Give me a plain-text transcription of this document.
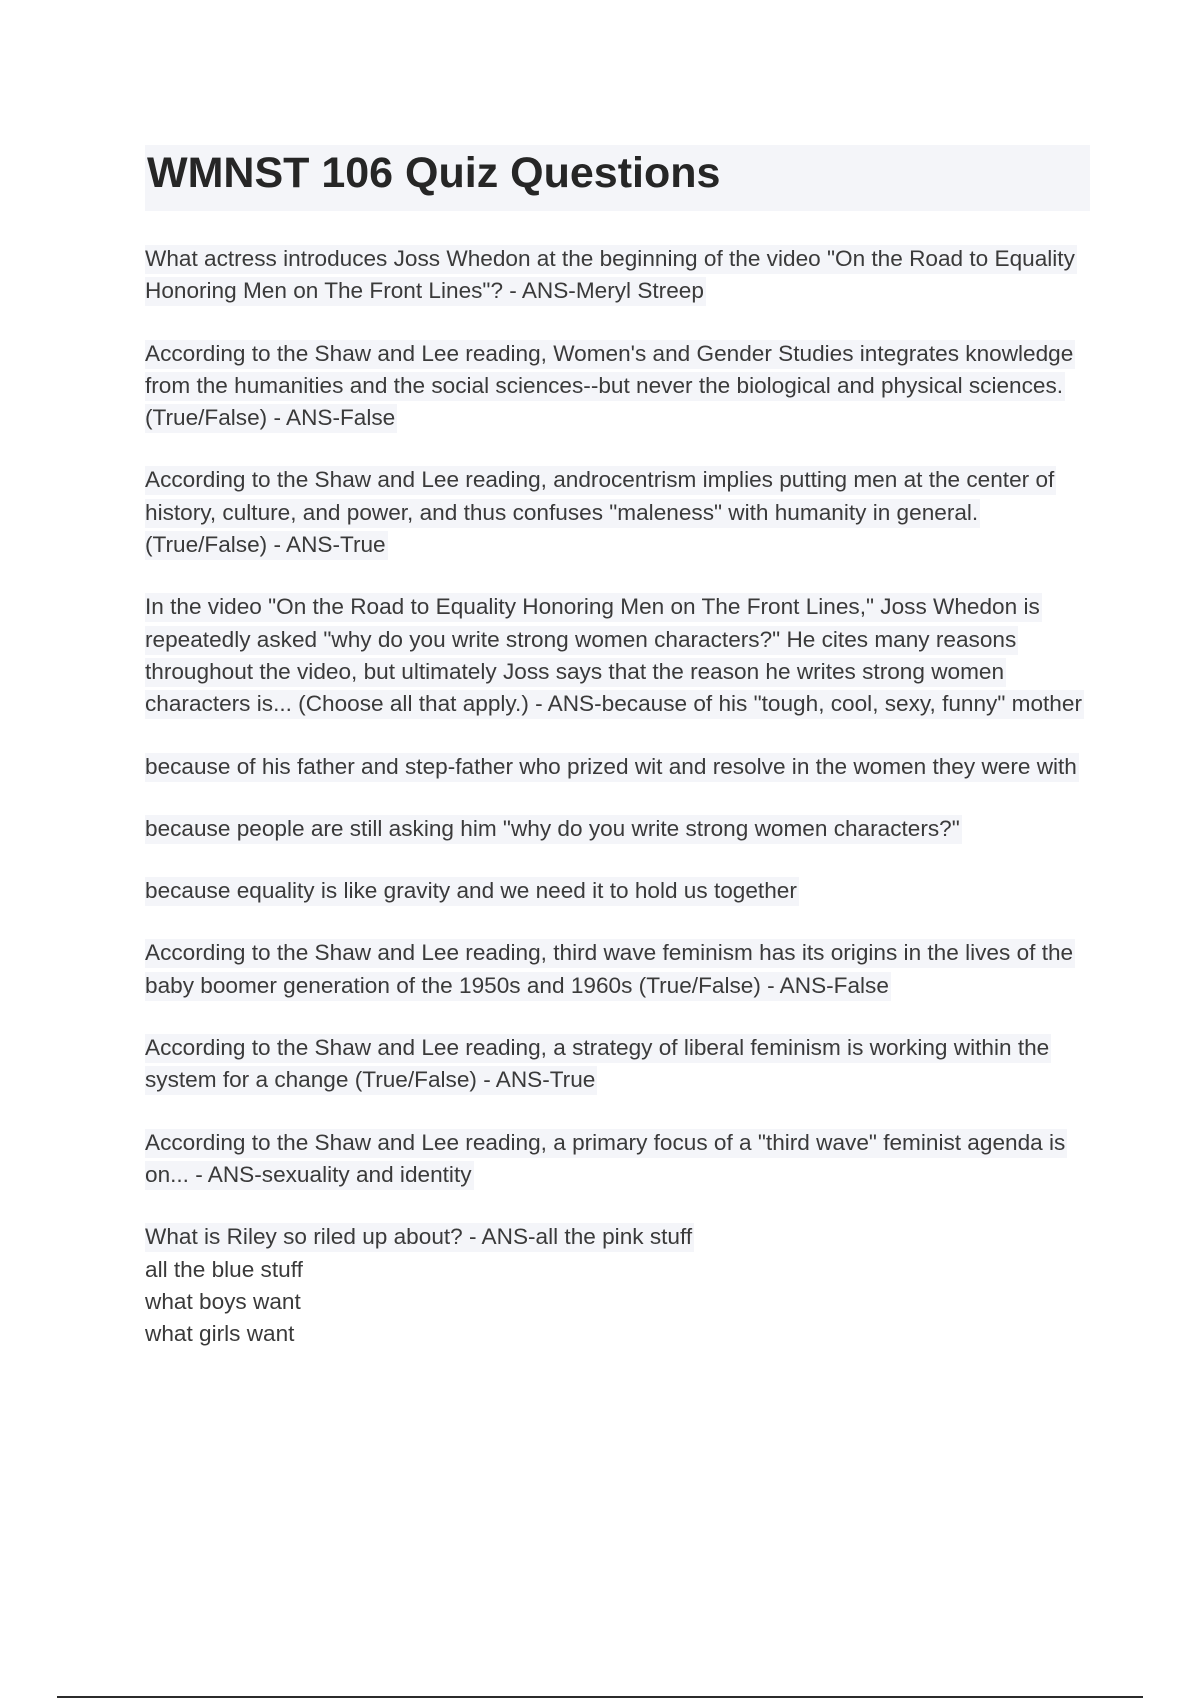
WMNST 106 Quiz Questions

What actress introduces Joss Whedon at the beginning of the video "On the Road to Equality Honoring Men on The Front Lines"? - ANS-Meryl Streep

According to the Shaw and Lee reading, Women's and Gender Studies integrates knowledge from the humanities and the social sciences--but never the biological and physical sciences. (True/False) - ANS-False

According to the Shaw and Lee reading, androcentrism implies putting men at the center of history, culture, and power, and thus confuses "maleness" with humanity in general. (True/False) - ANS-True

In the video "On the Road to Equality Honoring Men on The Front Lines," Joss Whedon is repeatedly asked "why do you write strong women characters?" He cites many reasons throughout the video, but ultimately Joss says that the reason he writes strong women characters is... (Choose all that apply.) - ANS-because of his "tough, cool, sexy, funny" mother

because of his father and step-father who prized wit and resolve in the women they were with

because people are still asking him "why do you write strong women characters?"

because equality is like gravity and we need it to hold us together

According to the Shaw and Lee reading, third wave feminism has its origins in the lives of the baby boomer generation of the 1950s and 1960s (True/False) - ANS-False

According to the Shaw and Lee reading, a strategy of liberal feminism is working within the system for a change (True/False) - ANS-True

According to the Shaw and Lee reading, a primary focus of a "third wave" feminist agenda is on... - ANS-sexuality and identity

What is Riley so riled up about? - ANS-all the pink stuff

all the blue stuff

what boys want

what girls want
